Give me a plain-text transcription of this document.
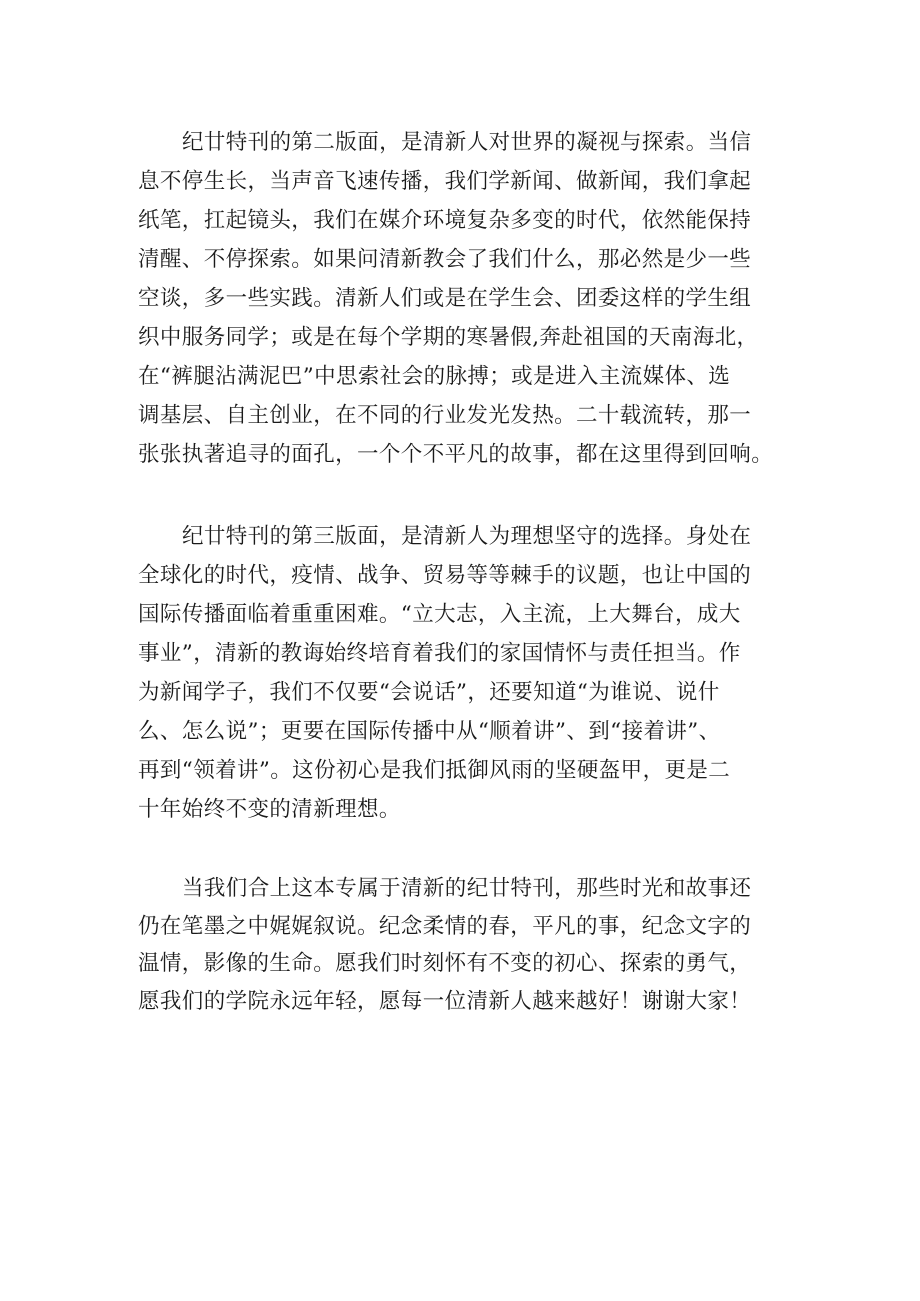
纪廿特刊的第二版面，是清新人对世界的凝视与探索。当信
息不停生长，当声音飞速传播，我们学新闻、做新闻，我们拿起
纸笔，扛起镜头，我们在媒介环境复杂多变的时代，依然能保持
清醒、不停探索。如果问清新教会了我们什么，那必然是少一些
空谈，多一些实践。清新人们或是在学生会、团委这样的学生组
织中服务同学；或是在每个学期的寒暑假,奔赴祖国的天南海北，
在“裤腿沾满泥巴”中思索社会的脉搏；或是进入主流媒体、选
调基层、自主创业，在不同的行业发光发热。二十载流转，那一
张张执著追寻的面孔，一个个不平凡的故事，都在这里得到回响。
纪廿特刊的第三版面，是清新人为理想坚守的选择。身处在
全球化的时代，疫情、战争、贸易等等棘手的议题，也让中国的
国际传播面临着重重困难。“立大志，入主流，上大舞台，成大
事业”，清新的教诲始终培育着我们的家国情怀与责任担当。作
为新闻学子，我们不仅要“会说话”，还要知道“为谁说、说什
么、怎么说”；更要在国际传播中从“顺着讲”、到“接着讲”、
再到“领着讲”。这份初心是我们抵御风雨的坚硬盔甲，更是二
十年始终不变的清新理想。
当我们合上这本专属于清新的纪廿特刊，那些时光和故事还
仍在笔墨之中娓娓叙说。纪念柔情的春，平凡的事，纪念文字的
温情，影像的生命。愿我们时刻怀有不变的初心、探索的勇气，
愿我们的学院永远年轻，愿每一位清新人越来越好！谢谢大家！
